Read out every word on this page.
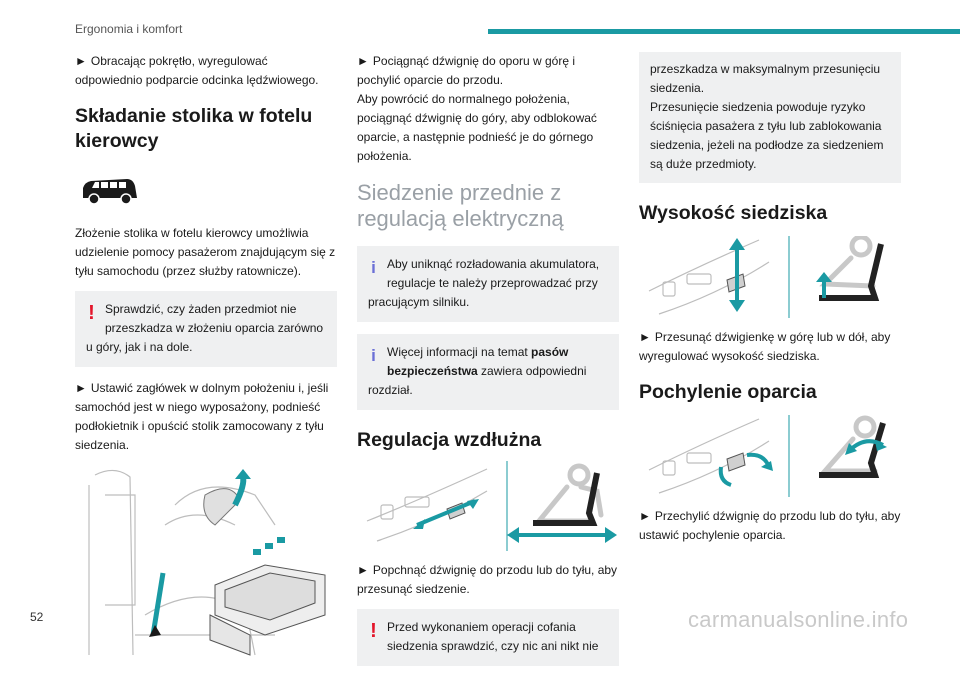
Ergonomia i komfort

► Obracając pokrętło, wyregulować odpowiednio podparcie odcinka lędźwiowego.

Składanie stolika w fotelu kierowcy

Złożenie stolika w fotelu kierowcy umożliwia udzielenie pomocy pasażerom znajdującym się z tyłu samochodu (przez służby ratownicze).

! Sprawdzić, czy żaden przedmiot nie przeszkadza w złożeniu oparcia zarówno u góry, jak i na dole.

► Ustawić zagłówek w dolnym położeniu i, jeśli samochód jest w niego wyposażony, podnieść podłokietnik i opuścić stolik zamocowany z tyłu siedzenia.

► Pociągnąć dźwignię do oporu w górę i pochylić oparcie do przodu.

Aby powrócić do normalnego położenia, pociągnąć dźwignię do góry, aby odblokować oparcie, a następnie podnieść je do górnego położenia.

Siedzenie przednie z regulacją elektryczną
i Aby uniknąć rozładowania akumulatora, regulacje te należy przeprowadzać przy pracującym silniku.
i Więcej informacji na temat pasów bezpieczeństwa zawiera odpowiedni rozdział.
Regulacja wzdłużna

► Popchnąć dźwignię do przodu lub do tyłu, aby przesunąć siedzenie.

! Przed wykonaniem operacji cofania siedzenia sprawdzić, czy nic ani nikt nie
przeszkadza w maksymalnym przesunięciu siedzenia.
Przesunięcie siedzenia powoduje ryzyko ściśnięcia pasażera z tyłu lub zablokowania siedzenia, jeżeli na podłodze za siedzeniem są duże przedmioty.
Wysokość siedziska

► Przesunąć dźwigienkę w górę lub w dół, aby wyregulować wysokość siedziska.

Pochylenie oparcia

► Przechylić dźwignię do przodu lub do tyłu, aby ustawić pochylenie oparcia.

52	carmanualsonline.info
